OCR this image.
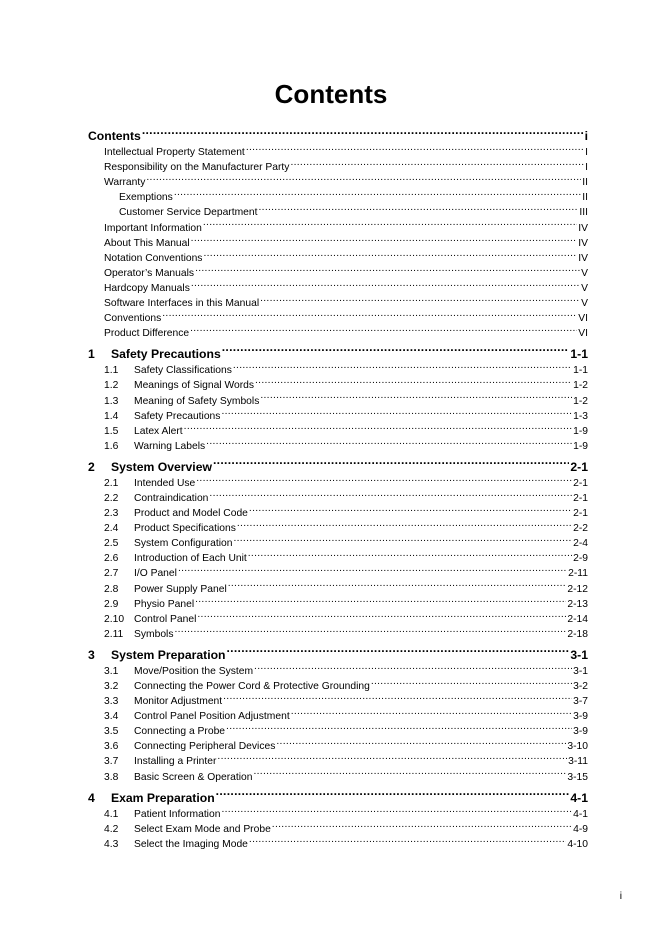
Contents
Contents .....	i
Intellectual Property Statement .....	I
Responsibility on the Manufacturer Party .....	I
Warranty .....	II
Exemptions .....	II
Customer Service Department .....	III
Important Information .....	IV
About This Manual .....	IV
Notation Conventions .....	IV
Operator’s Manuals .....	V
Hardcopy Manuals .....	V
Software Interfaces in this Manual .....	V
Conventions .....	VI
Product Difference .....	VI
1	Safety Precautions .....	1-1
1.1	Safety Classifications .....	1-1
1.2	Meanings of Signal Words .....	1-2
1.3	Meaning of Safety Symbols .....	1-2
1.4	Safety Precautions .....	1-3
1.5	Latex Alert .....	1-9
1.6	Warning Labels .....	1-9
2	System Overview .....	2-1
2.1	Intended Use .....	2-1
2.2	Contraindication .....	2-1
2.3	Product and Model Code .....	2-1
2.4	Product Specifications .....	2-2
2.5	System Configuration .....	2-4
2.6	Introduction of Each Unit .....	2-9
2.7	I/O Panel .....	2-11
2.8	Power Supply Panel .....	2-12
2.9	Physio Panel .....	2-13
2.10 Control Panel .....	2-14
2.11	Symbols .....	2-18
3	System Preparation .....	3-1
3.1	Move/Position the System .....	3-1
3.2	Connecting the Power Cord & Protective Grounding .....	3-2
3.3	Monitor Adjustment .....	3-7
3.4	Control Panel Position Adjustment .....	3-9
3.5	Connecting a Probe .....	3-9
3.6	Connecting Peripheral Devices .....	3-10
3.7	Installing a Printer .....	3-11
3.8	Basic Screen & Operation .....	3-15
4	Exam Preparation .....	4-1
4.1	Patient Information .....	4-1
4.2	Select Exam Mode and Probe .....	4-9
4.3	Select the Imaging Mode .....	4-10
i
